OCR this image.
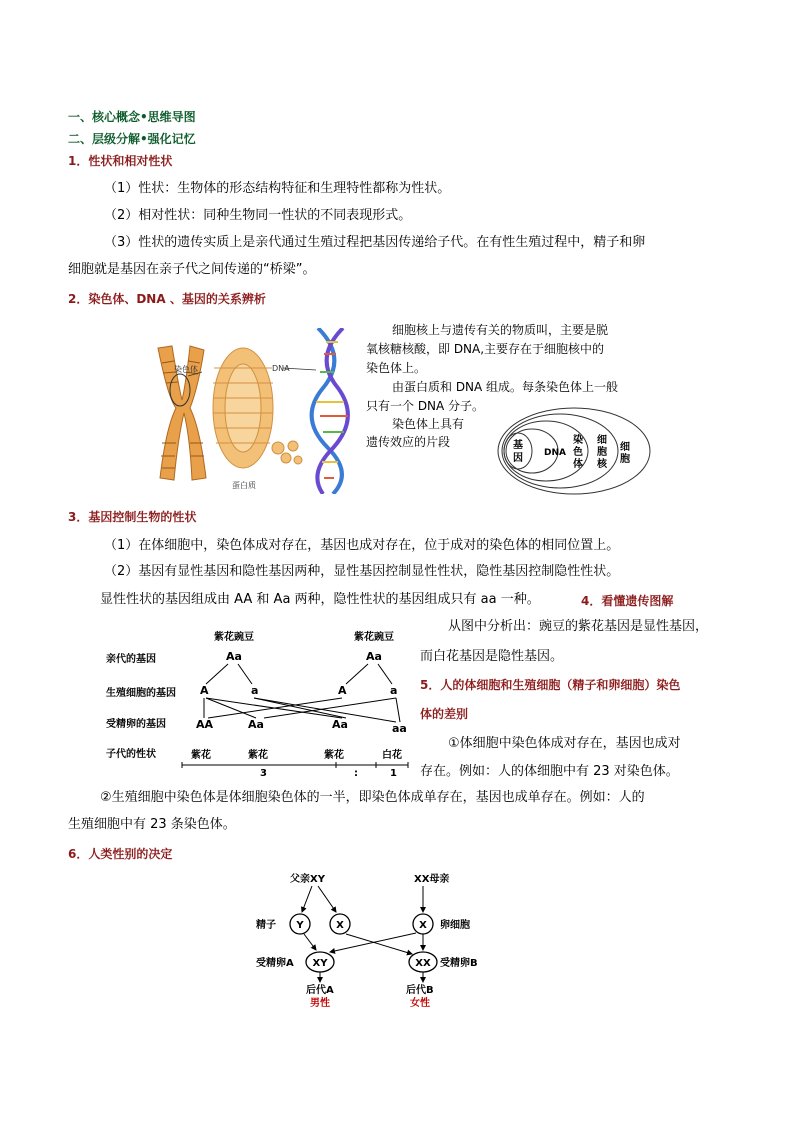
一、核心概念•思维导图
二、层级分解•强化记忆
1．性状和相对性状
（1）性状：生物体的形态结构特征和生理特性都称为性状。
（2）相对性状：同种生物同一性状的不同表现形式。
（3）性状的遗传实质上是亲代通过生殖过程把基因传递给子代。在有性生殖过程中，精子和卵
细胞就是基因在亲子代之间传递的“桥梁”。
2．染色体、DNA 、基因的关系辨析
染色体	DNA
蛋白质
细胞核上与遗传有关的物质叫，主要是脱
氧核糖核酸，即 DNA,主要存在于细胞核中的
染色体上。
由蛋白质和 DNA 组成。每条染色体上一般
只有一个 DNA 分子。
染色体上具有
遗传效应的片段	基
因 DNA
染
色
体
细
胞
核
细
胞
3．基因控制生物的性状
（1）在体细胞中，染色体成对存在，基因也成对存在，位于成对的染色体的相同位置上。
（2）基因有显性基因和隐性基因两种，显性基因控制显性性状，隐性基因控制隐性性状。
显性性状的基因组成由 AA 和 Aa 两种，隐性性状的基因组成只有 aa 一种。	4．看懂遗传图解
紫花豌豆	紫花豌豆
亲代的基因
生殖细胞的基因
受精卵的基因
子代的性状
Aa	Aa
A	a	A	a
AA	Aa	Aa	aa
紫花	紫花	紫花	白花
3	:	1
从图中分析出：豌豆的紫花基因是显性基因，
而白花基因是隐性基因。
5．人的体细胞和生殖细胞（精子和卵细胞）染色
体的差别
①体细胞中染色体成对存在，基因也成对
存在。例如：人的体细胞中有 23 对染色体。
②生殖细胞中染色体是体细胞染色体的一半，即染色体成单存在，基因也成单存在。例如：人的
生殖细胞中有 23 条染色体。
6．人类性别的决定
父亲XY	XX母亲
精子	卵细胞
受精卵A	受精卵B
后代A	后代B
男性	女性
Y	X	X
XY	XX
